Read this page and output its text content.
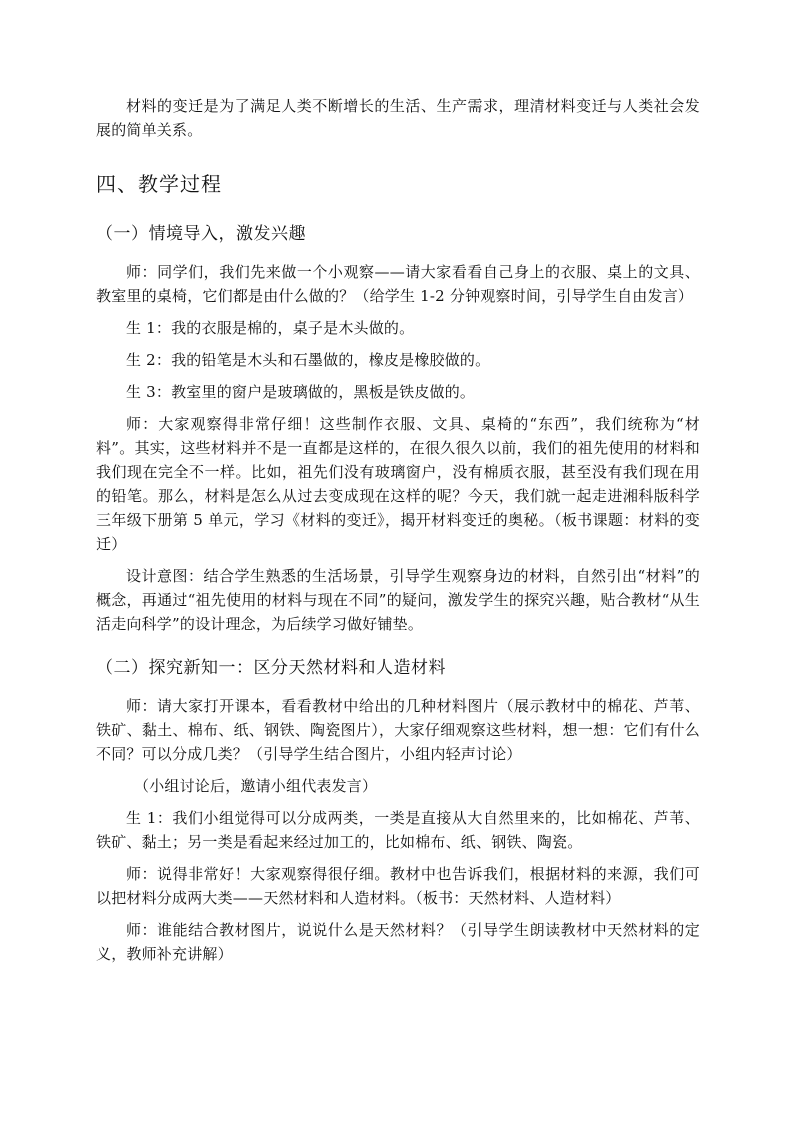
材料的变迁是为了满足人类不断增长的生活、生产需求，理清材料变迁与人类社会发展的简单关系。

四、教学过程
（一）情境导入，激发兴趣

师：同学们，我们先来做一个小观察——请大家看看自己身上的衣服、桌上的文具、教室里的桌椅，它们都是由什么做的？（给学生 1-2 分钟观察时间，引导学生自由发言）

生 1：我的衣服是棉的，桌子是木头做的。

生 2：我的铅笔是木头和石墨做的，橡皮是橡胶做的。

生 3：教室里的窗户是玻璃做的，黑板是铁皮做的。

师：大家观察得非常仔细！这些制作衣服、文具、桌椅的“东西”，我们统称为“材料”。其实，这些材料并不是一直都是这样的，在很久很久以前，我们的祖先使用的材料和我们现在完全不一样。比如，祖先们没有玻璃窗户，没有棉质衣服，甚至没有我们现在用的铅笔。那么，材料是怎么从过去变成现在这样的呢？今天，我们就一起走进湘科版科学三年级下册第 5 单元，学习《材料的变迁》，揭开材料变迁的奥秘。（板书课题：材料的变迁）

设计意图：结合学生熟悉的生活场景，引导学生观察身边的材料，自然引出“材料”的概念，再通过“祖先使用的材料与现在不同”的疑问，激发学生的探究兴趣，贴合教材“从生活走向科学”的设计理念，为后续学习做好铺垫。

（二）探究新知一：区分天然材料和人造材料

师：请大家打开课本，看看教材中给出的几种材料图片（展示教材中的棉花、芦苇、铁矿、黏土、棉布、纸、钢铁、陶瓷图片），大家仔细观察这些材料，想一想：它们有什么不同？可以分成几类？（引导学生结合图片，小组内轻声讨论）

（小组讨论后，邀请小组代表发言）

生 1：我们小组觉得可以分成两类，一类是直接从大自然里来的，比如棉花、芦苇、铁矿、黏土；另一类是看起来经过加工的，比如棉布、纸、钢铁、陶瓷。

师：说得非常好！大家观察得很仔细。教材中也告诉我们，根据材料的来源，我们可以把材料分成两大类——天然材料和人造材料。（板书：天然材料、人造材料）

师：谁能结合教材图片，说说什么是天然材料？（引导学生朗读教材中天然材料的定义，教师补充讲解）
